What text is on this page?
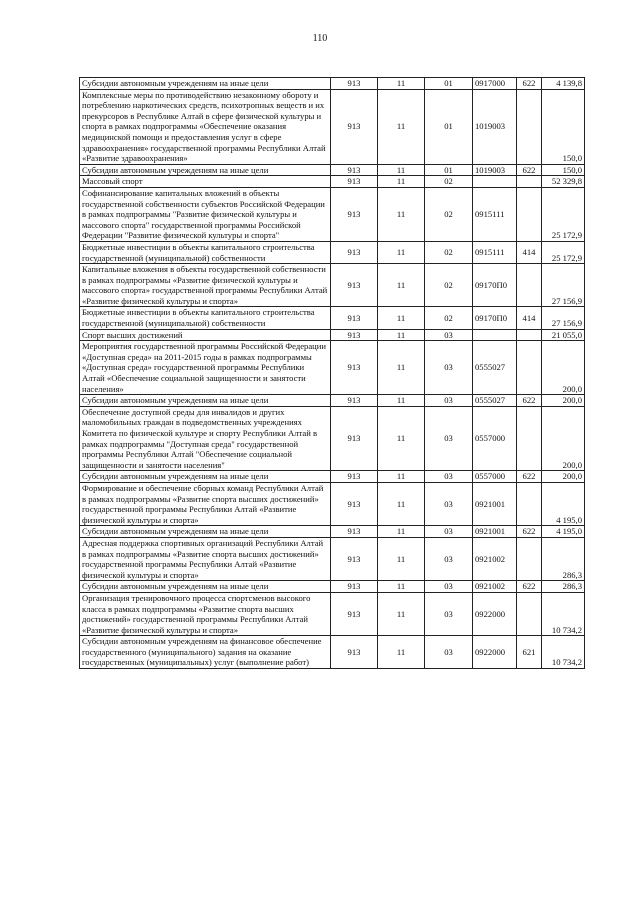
110
Субсидии автономным учреждениям на иные цели	913	11	01	0917000	622	4 139,8
Комплексные меры по противодействию незаконному обороту и потреблению наркотических средств, психотропных веществ и их прекурсоров в Республике Алтай в сфере физической культуры и спорта в рамках подпрограммы «Обеспечение оказания медицинской помощи и предоставления услуг в сфере здравоохранения» государственной программы Республики Алтай «Развитие здравоохранения»	913	11	01	1019003		150,0
Субсидии автономным учреждениям на иные цели	913	11	01	1019003	622	150,0
Массовый спорт	913	11	02			52 329,8
Софинансирование капитальных вложений в объекты государственной собственности субъектов Российской Федерации в рамках подпрограммы "Развитие физической культуры и массового спорта" государственной программы Российской Федерации "Развитие физической культуры и спорта"	913	11	02	0915111		25 172,9
Бюджетные инвестиции в объекты капитального строительства государственной (муниципальной) собственности	913	11	02	0915111	414	25 172,9
Капитальные вложения в объекты государственной собственности в рамках подпрограммы «Развитие физической культуры и массового спорта» государственной программы Республики Алтай «Развитие физической культуры и спорта»	913	11	02	09170П0		27 156,9
Бюджетные инвестиции в объекты капитального строительства государственной (муниципальной) собственности	913	11	02	09170П0	414	27 156,9
Спорт высших достижений	913	11	03			21 055,0
Мероприятия государственной программы Российской Федерации «Доступная среда» на 2011-2015 годы в рамках подпрограммы «Доступная среда» государственной программы Республики Алтай «Обеспечение социальной защищенности и занятости населения»	913	11	03	0555027		200,0
Субсидии автономным учреждениям на иные цели	913	11	03	0555027	622	200,0
Обеспечение доступной среды для инвалидов и других маломобильных граждан в подведомственных учреждениях Комитета по физической культуре и спорту Республики Алтай в рамках подпрограммы "Доступная среда" государственной программы Республики Алтай "Обеспечение социальной защищенности и занятости населения"	913	11	03	0557000		200,0
Субсидии автономным учреждениям на иные цели	913	11	03	0557000	622	200,0
Формирование и обеспечение сборных команд Республики Алтай в рамках подпрограммы «Развитие спорта высших достижений» государственной программы Республики Алтай «Развитие физической культуры и спорта»	913	11	03	0921001		4 195,0
Субсидии автономным учреждениям на иные цели	913	11	03	0921001	622	4 195,0
Адресная поддержка спортивных организаций Республики Алтай в рамках подпрограммы «Развитие спорта высших достижений» государственной программы Республики Алтай «Развитие физической культуры и спорта»	913	11	03	0921002		286,3
Субсидии автономным учреждениям на иные цели	913	11	03	0921002	622	286,3
Организация тренировочного процесса спортсменов высокого класса в рамках подпрограммы «Развитие спорта высших достижений» государственной программы Республики Алтай «Развитие физической культуры и спорта»	913	11	03	0922000		10 734,2
Субсидии автономным учреждениям на финансовое обеспечение государственного (муниципального) задания на оказание государственных (муниципальных) услуг (выполнение работ)	913	11	03	0922000	621	10 734,2
